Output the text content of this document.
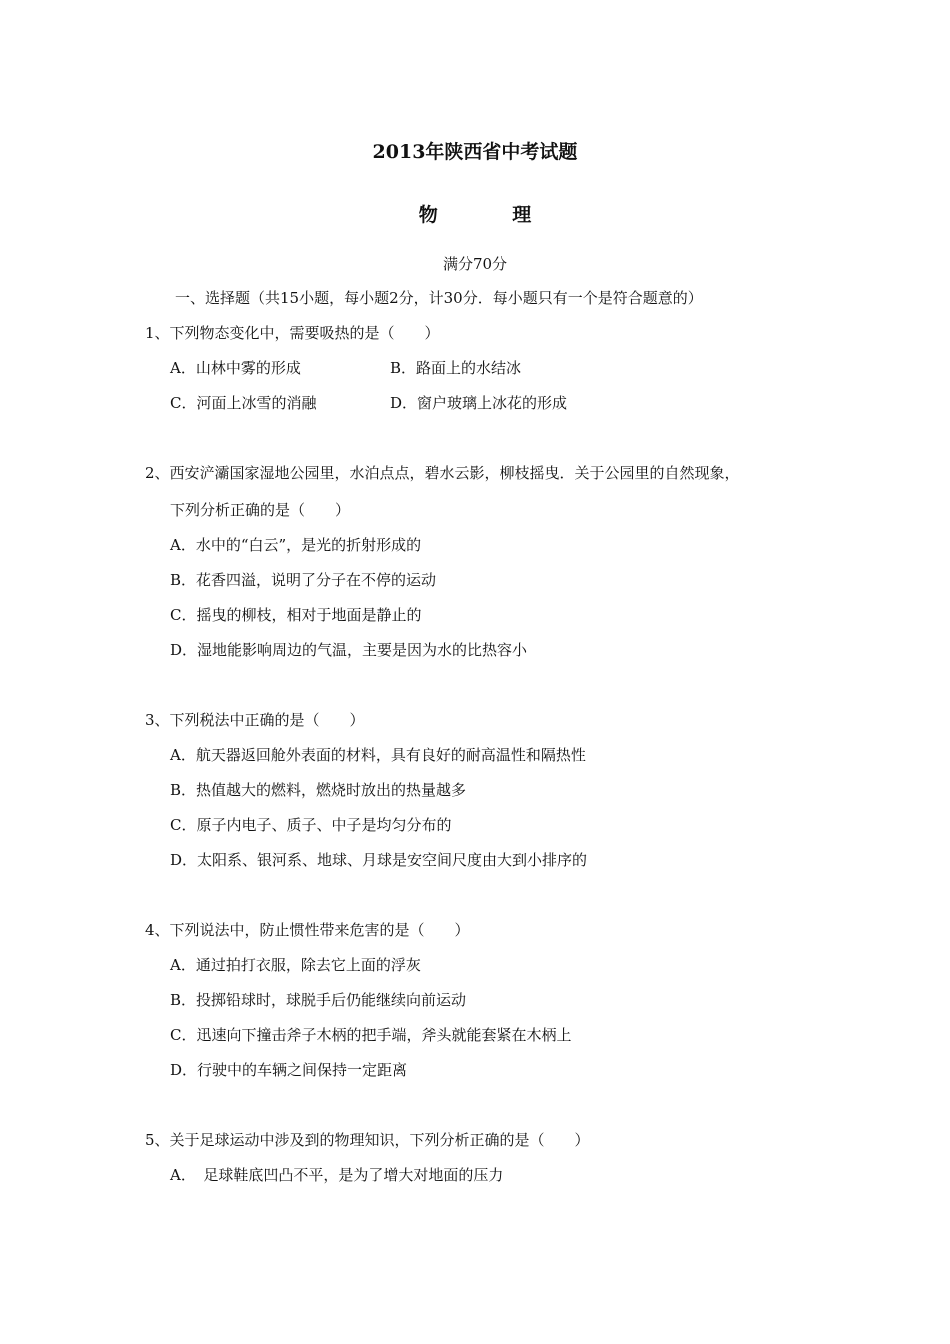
2013年陕西省中考试题
物 理
满分70分
一、选择题（共15小题，每小题2分，计30分．每小题只有一个是符合题意的）
1、下列物态变化中，需要吸热的是（　　）
A．山林中雾的形成	B．路面上的水结冰
C．河面上冰雪的消融	D．窗户玻璃上冰花的形成
2、西安浐灞国家湿地公园里，水泊点点，碧水云影，柳枝摇曳．关于公园里的自然现象，
下列分析正确的是（　　）
A．水中的“白云”，是光的折射形成的
B．花香四溢，说明了分子在不停的运动
C．摇曳的柳枝，相对于地面是静止的
D．湿地能影响周边的气温，主要是因为水的比热容小
3、下列税法中正确的是（　　）
A．航天器返回舱外表面的材料，具有良好的耐高温性和隔热性
B．热值越大的燃料，燃烧时放出的热量越多
C．原子内电子、质子、中子是均匀分布的
D．太阳系、银河系、地球、月球是安空间尺度由大到小排序的
4、下列说法中，防止惯性带来危害的是（　　）
A．通过拍打衣服，除去它上面的浮灰
B．投掷铅球时，球脱手后仍能继续向前运动
C．迅速向下撞击斧子木柄的把手端，斧头就能套紧在木柄上
D．行驶中的车辆之间保持一定距离
5、关于足球运动中涉及到的物理知识，下列分析正确的是（　　）
A．　足球鞋底凹凸不平，是为了增大对地面的压力
